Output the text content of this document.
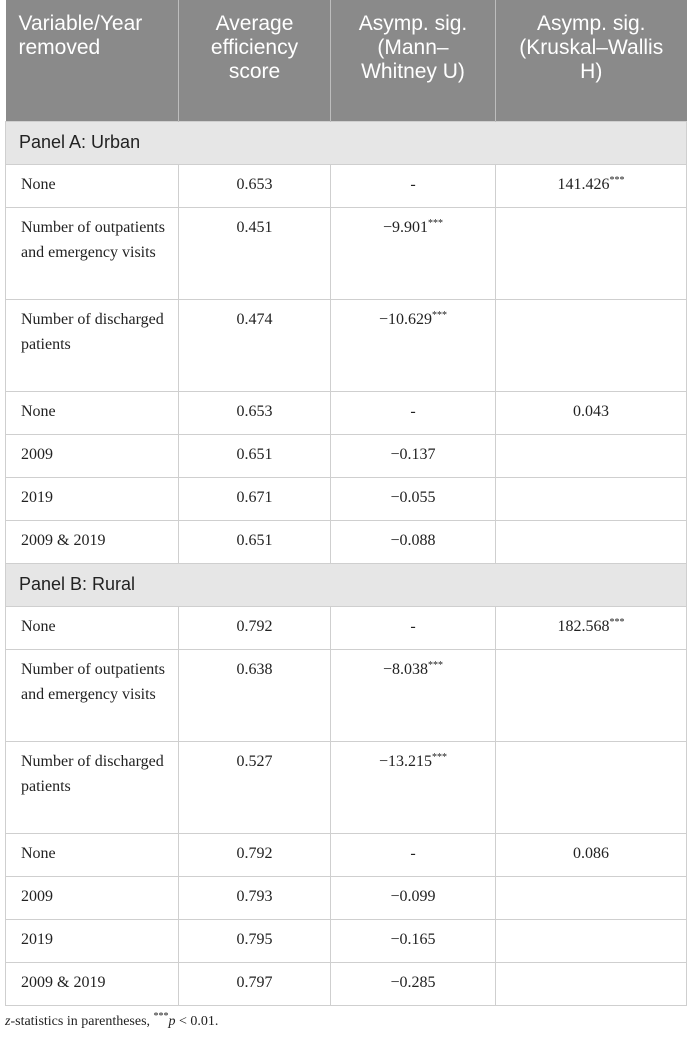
Variable/Year removed	Average efficiency score	Asymp. sig. (Mann–Whitney U)	Asymp. sig. (Kruskal–Wallis H)
Panel A: Urban			
None	0.653	-	141.426***
Number of outpatients and emergency visits	0.451	−9.901***	
Number of discharged patients	0.474	−10.629***	
None	0.653	-	0.043
2009	0.651	−0.137	
2019	0.671	−0.055	
2009 & 2019	0.651	−0.088	
Panel B: Rural			
None	0.792	-	182.568***
Number of outpatients and emergency visits	0.638	−8.038***	
Number of discharged patients	0.527	−13.215***	
None	0.792	-	0.086
2009	0.793	−0.099	
2019	0.795	−0.165	
2009 & 2019	0.797	−0.285	
z-statistics in parentheses, ***p < 0.01.
